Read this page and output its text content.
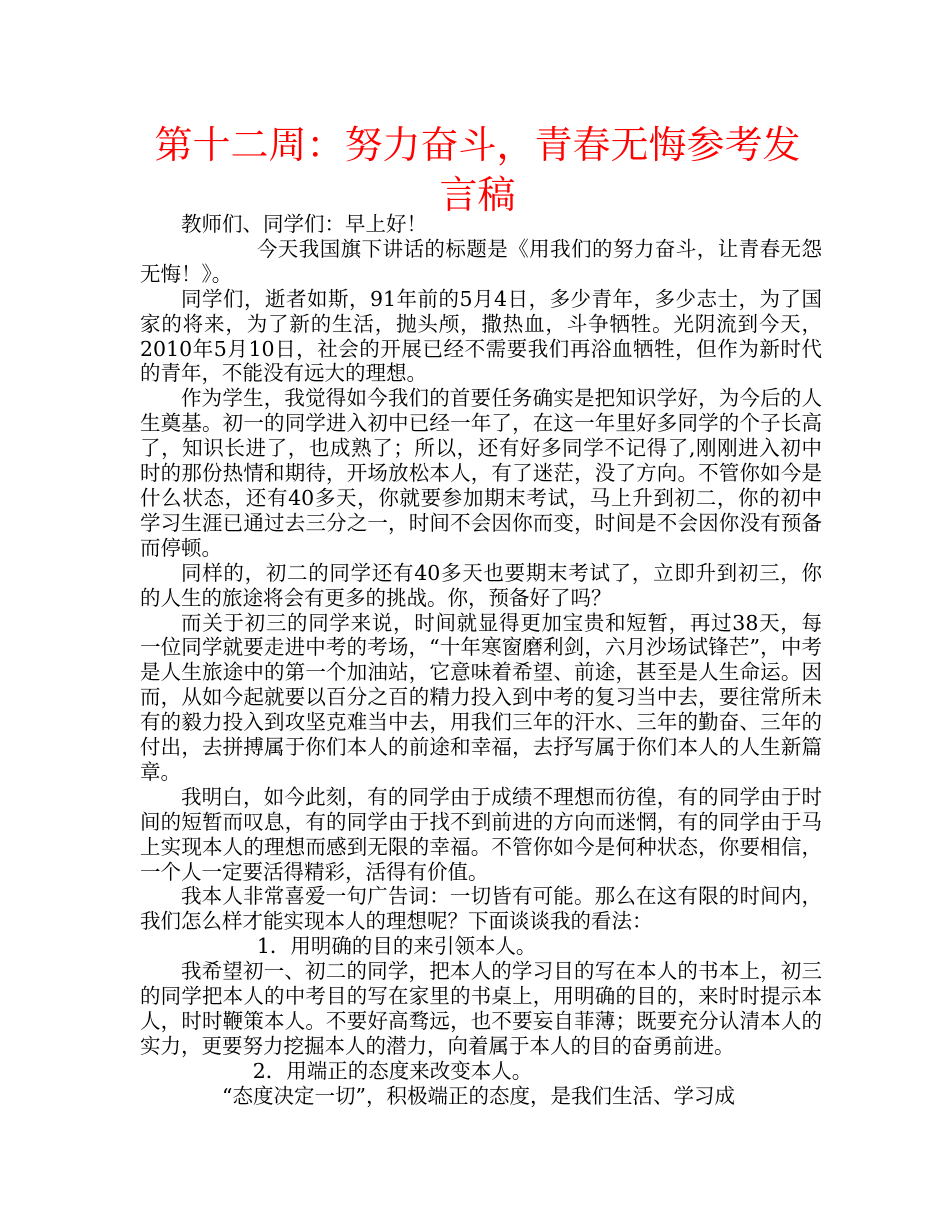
第十二周：努力奋斗，青春无悔参考发言稿

教师们、同学们：早上好！

今天我国旗下讲话的标题是《用我们的努力奋斗，让青春无怨无悔！》。

同学们，逝者如斯，91年前的5月4日，多少青年，多少志士，为了国家的将来，为了新的生活，抛头颅，撒热血，斗争牺牲。光阴流到今天，2010年5月10日，社会的开展已经不需要我们再浴血牺牲，但作为新时代的青年，不能没有远大的理想。

作为学生，我觉得如今我们的首要任务确实是把知识学好，为今后的人生奠基。初一的同学进入初中已经一年了，在这一年里好多同学的个子长高了，知识长进了，也成熟了；所以，还有好多同学不记得了,刚刚进入初中时的那份热情和期待，开场放松本人，有了迷茫，没了方向。不管你如今是什么状态，还有40多天，你就要参加期末考试，马上升到初二，你的初中学习生涯已通过去三分之一，时间不会因你而变，时间是不会因你没有预备而停顿。

同样的，初二的同学还有40多天也要期末考试了，立即升到初三，你的人生的旅途将会有更多的挑战。你，预备好了吗？

而关于初三的同学来说，时间就显得更加宝贵和短暂，再过38天，每一位同学就要走进中考的考场，“十年寒窗磨利剑，六月沙场试锋芒”，中考是人生旅途中的第一个加油站，它意味着希望、前途，甚至是人生命运。因而，从如今起就要以百分之百的精力投入到中考的复习当中去，要往常所未有的毅力投入到攻坚克难当中去，用我们三年的汗水、三年的勤奋、三年的付出，去拼搏属于你们本人的前途和幸福，去抒写属于你们本人的人生新篇章。

我明白，如今此刻，有的同学由于成绩不理想而彷徨，有的同学由于时间的短暂而叹息，有的同学由于找不到前进的方向而迷惘，有的同学由于马上实现本人的理想而感到无限的幸福。不管你如今是何种状态，你要相信，一个人一定要活得精彩，活得有价值。

我本人非常喜爱一句广告词：一切皆有可能。那么在这有限的时间内，我们怎么样才能实现本人的理想呢？下面谈谈我的看法：

1．用明确的目的来引领本人。

我希望初一、初二的同学，把本人的学习目的写在本人的书本上，初三的同学把本人的中考目的写在家里的书桌上，用明确的目的，来时时提示本人，时时鞭策本人。不要好高骛远，也不要妄自菲薄；既要充分认清本人的实力，更要努力挖掘本人的潜力，向着属于本人的目的奋勇前进。

2．用端正的态度来改变本人。

“态度决定一切”，积极端正的态度，是我们生活、学习成
